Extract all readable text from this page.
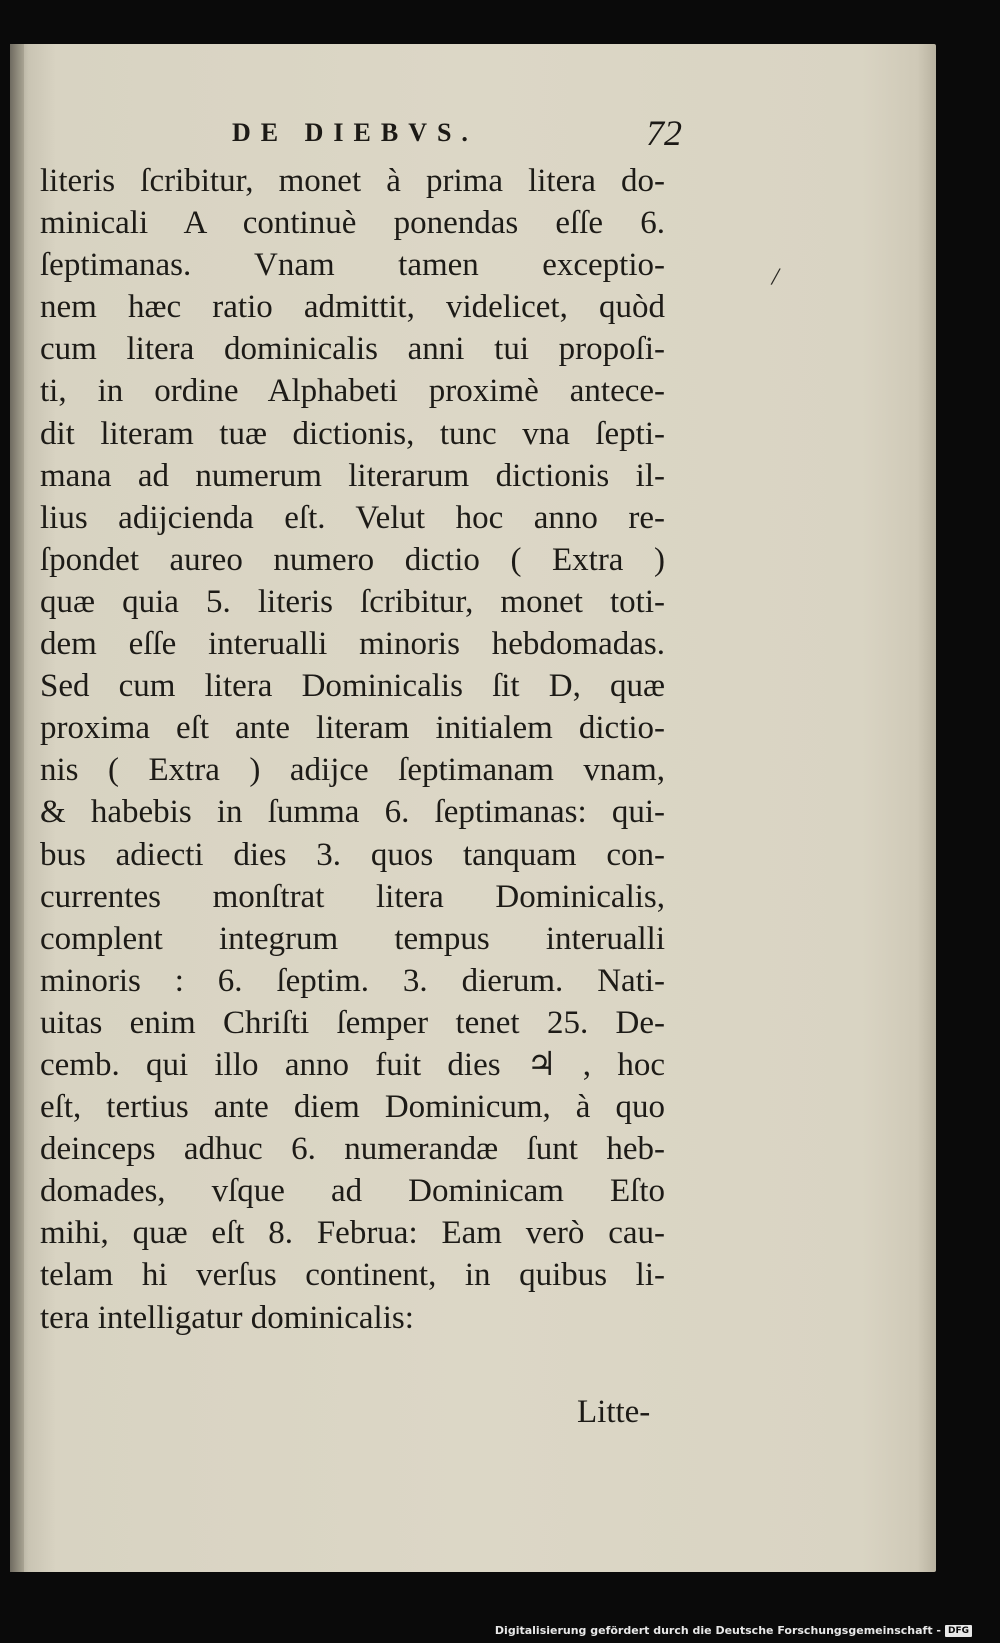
DE DIEBVS.	72
/
literis ſcribitur, monet à prima litera do-
minicali A continuè ponendas eſſe 6.
ſeptimanas. Vnam tamen exceptio-
nem hæc ratio admittit, videlicet, quòd
cum litera dominicalis anni tui propoſi-
ti, in ordine Alphabeti proximè antece-
dit literam tuæ dictionis, tunc vna ſepti-
mana ad numerum literarum dictionis il-
lius adijcienda eſt. Velut hoc anno re-
ſpondet aureo numero dictio ( Extra )
quæ quia 5. literis ſcribitur, monet toti-
dem eſſe interualli minoris hebdomadas.
Sed cum litera Dominicalis ſit D, quæ
proxima eſt ante literam initialem dictio-
nis ( Extra ) adijce ſeptimanam vnam,
& habebis in ſumma 6. ſeptimanas: qui-
bus adiecti dies 3. quos tanquam con-
currentes monſtrat litera Dominicalis,
complent integrum tempus interualli
minoris : 6. ſeptim. 3. dierum. Nati-
uitas enim Chriſti ſemper tenet 25. De-
cemb. qui illo anno fuit dies ♃ , hoc
eſt, tertius ante diem Dominicum, à quo
deinceps adhuc 6. numerandæ ſunt heb-
domades, vſque ad Dominicam Eſto
mihi, quæ eſt 8. Februa: Eam verò cau-
telam hi verſus continent, in quibus li-
tera intelligatur dominicalis:
Litte-
Digitalisierung gefördert durch die Deutsche Forschungsgemeinschaft - DFG
